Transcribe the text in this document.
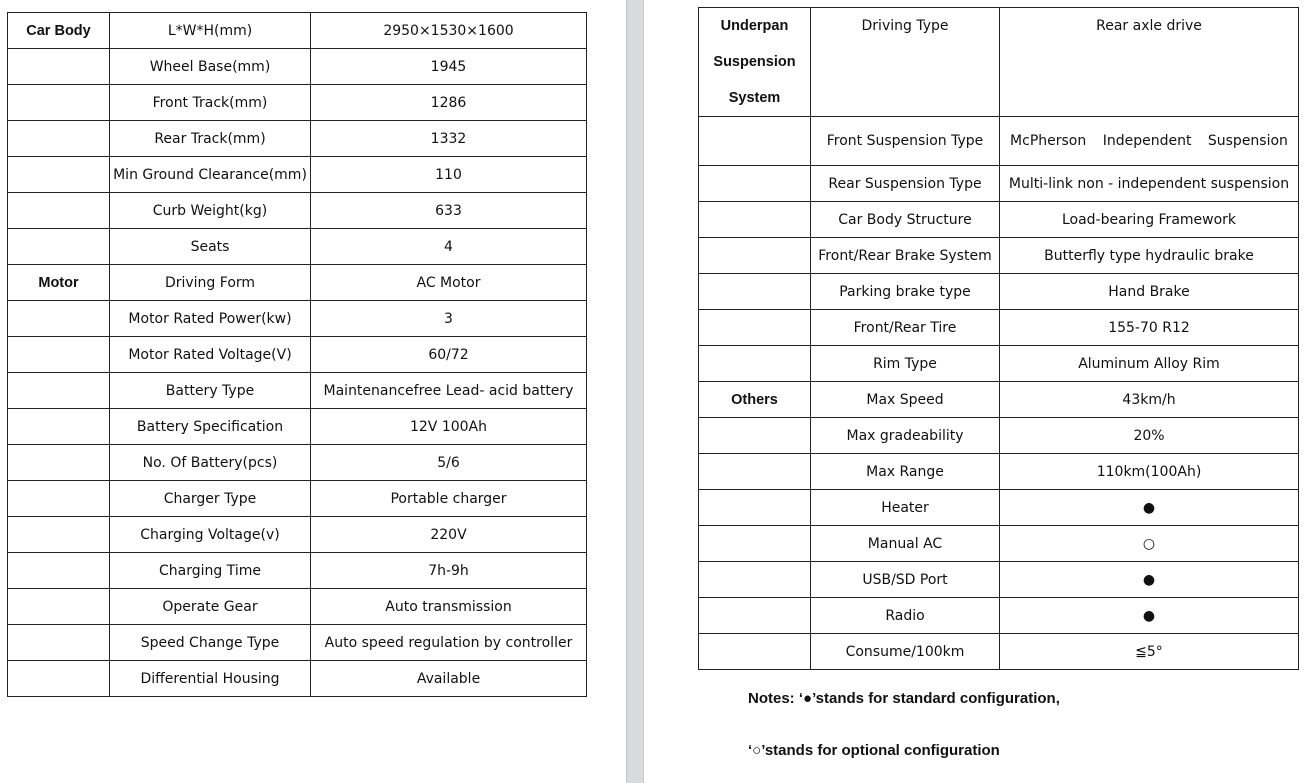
Car Body	L*W*H(mm)	2950×1530×1600
	Wheel Base(mm)	1945
	Front Track(mm)	1286
	Rear Track(mm)	1332
	Min Ground Clearance(mm)	110
	Curb Weight(kg)	633
	Seats	4
Motor	Driving Form	AC Motor
	Motor Rated Power(kw)	3
	Motor Rated Voltage(V)	60/72
	Battery Type	Maintenancefree Lead- acid battery
	Battery Specification	12V 100Ah
	No. Of Battery(pcs)	5/6
	Charger Type	Portable charger
	Charging Voltage(v)	220V
	Charging Time	7h-9h
	Operate Gear	Auto transmission
	Speed Change Type	Auto speed regulation by controller
	Differential Housing	Available
Underpan
Suspension
System	Driving Type	Rear axle drive
	Front Suspension Type	McPherson Independent Suspension
	Rear Suspension Type	Multi-link non - independent suspension
	Car Body Structure	Load-bearing Framework
	Front/Rear Brake System	Butterfly type hydraulic brake
	Parking brake type	Hand Brake
	Front/Rear Tire	155-70 R12
	Rim Type	Aluminum Alloy Rim
Others	Max Speed	43km/h
	Max gradeability	20%
	Max Range	110km(100Ah)
	Heater	●
	Manual AC	○
	USB/SD Port	●
	Radio	●
	Consume/100km	≦5°
Notes: ‘●’stands for standard configuration,
‘○’stands for optional configuration
